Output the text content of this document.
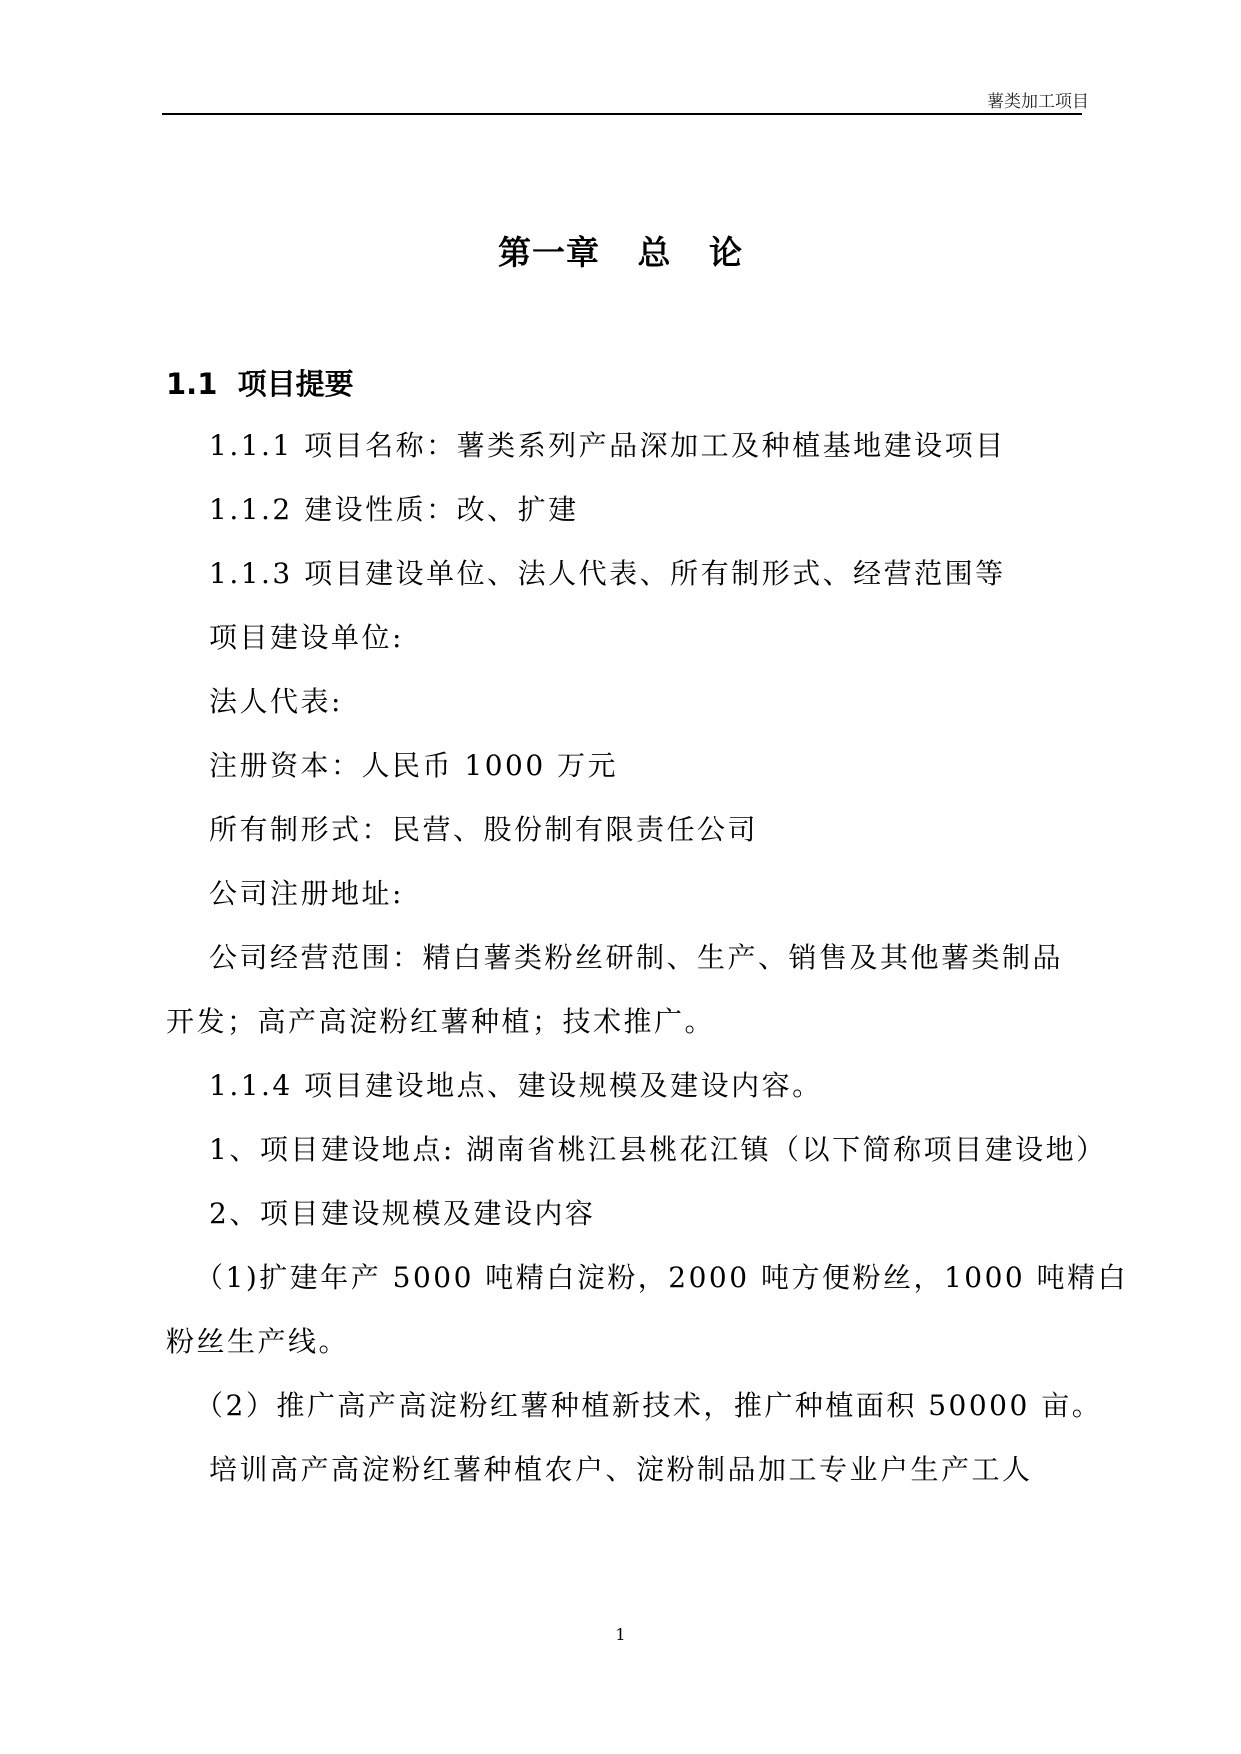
薯类加工项目
第一章   总   论
1.1  项目提要
1.1.1 项目名称：薯类系列产品深加工及种植基地建设项目
1.1.2 建设性质：改、扩建
1.1.3 项目建设单位、法人代表、所有制形式、经营范围等
项目建设单位:
法人代表:
注册资本：人民币 1000 万元
所有制形式：民营、股份制有限责任公司
公司注册地址:
公司经营范围：精白薯类粉丝研制、生产、销售及其他薯类制品
开发；高产高淀粉红薯种植；技术推广。
1.1.4 项目建设地点、建设规模及建设内容。
1、项目建设地点: 湖南省桃江县桃花江镇（以下简称项目建设地）
2、项目建设规模及建设内容
（1)扩建年产 5000 吨精白淀粉，2000 吨方便粉丝，1000 吨精白
粉丝生产线。
（2）推广高产高淀粉红薯种植新技术，推广种植面积 50000 亩。
培训高产高淀粉红薯种植农户、淀粉制品加工专业户生产工人
1
